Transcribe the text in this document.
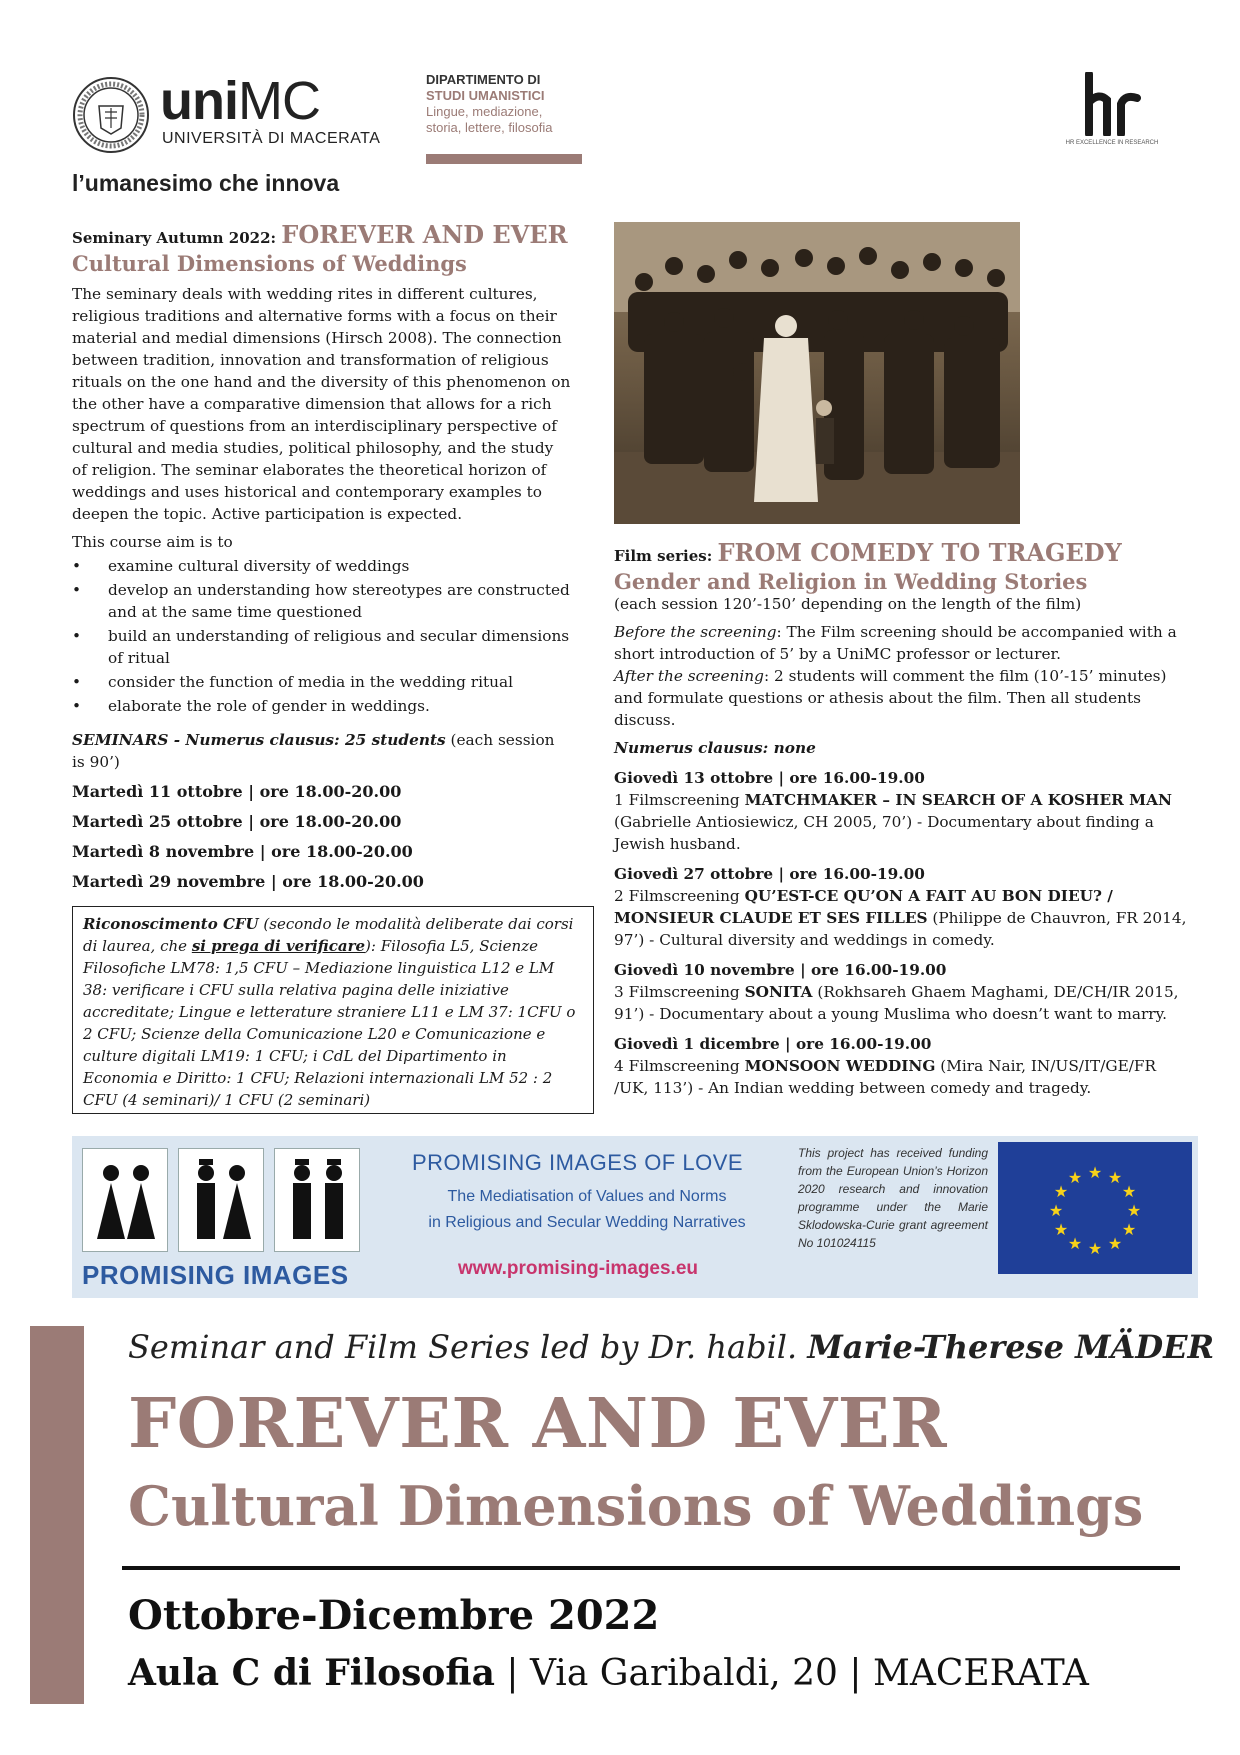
uniMC
UNIVERSITÀ DI MACERATA
l’umanesimo che innova
DIPARTIMENTO DI
STUDI UMANISTICI
Lingue, mediazione,
storia, lettere, filosofia
HR EXCELLENCE IN RESEARCH
Seminary Autumn 2022: FOREVER AND EVER
Cultural Dimensions of Weddings
The seminary deals with wedding rites in different cultures, religious traditions and alternative forms with a focus on their material and medial dimensions (Hirsch 2008). The connection between tradition, innovation and transformation of religious rituals on the one hand and the diversity of this phenomenon on the other have a comparative dimension that allows for a rich spectrum of questions from an interdisciplinary perspective of cultural and media studies, political philosophy, and the study of religion. The seminar elaborates the theoretical horizon of weddings and uses historical and contemporary examples to deepen the topic. Active participation is expected.
This course aim is to
• examine cultural diversity of weddings
• develop an understanding how stereotypes are constructed and at the same time questioned
• build an understanding of religious and secular dimensions of ritual
• consider the function of media in the wedding ritual
• elaborate the role of gender in weddings.
SEMINARS - Numerus clausus: 25 students (each session is 90’)
Martedì 11 ottobre | ore 18.00-20.00
Martedì 25 ottobre | ore 18.00-20.00
Martedì 8 novembre | ore 18.00-20.00
Martedì 29 novembre | ore 18.00-20.00
Riconoscimento CFU (secondo le modalità deliberate dai corsi di laurea, che si prega di verificare): Filosofia L5, Scienze Filosofiche LM78: 1,5 CFU – Mediazione linguistica L12 e LM 38: verificare i CFU sulla relativa pagina delle iniziative accreditate; Lingue e letterature straniere L11 e LM 37: 1CFU o 2 CFU; Scienze della Comunicazione L20 e Comunicazione e culture digitali LM19: 1 CFU; i CdL del Dipartimento in Economia e Diritto: 1 CFU; Relazioni internazionali LM 52 : 2 CFU (4 seminari)/ 1 CFU (2 seminari)
Film series: FROM COMEDY TO TRAGEDY
Gender and Religion in Wedding Stories
(each session 120’-150’ depending on the length of the film)
Before the screening: The Film screening should be accompanied with a short introduction of 5’ by a UniMC professor or lecturer.
After the screening: 2 students will comment the film (10’-15’ minutes) and formulate questions or athesis about the film. Then all students discuss.
Numerus clausus: none
Giovedì 13 ottobre | ore 16.00-19.00
1 Filmscreening MATCHMAKER – IN SEARCH OF A KOSHER MAN
(Gabrielle Antiosiewicz, CH 2005, 70’) - Documentary about finding a Jewish husband.
Giovedì 27 ottobre | ore 16.00-19.00
2 Filmscreening QU’EST-CE QU’ON A FAIT AU BON DIEU? / MONSIEUR CLAUDE ET SES FILLES (Philippe de Chauvron, FR 2014, 97’) - Cultural diversity and weddings in comedy.
Giovedì 10 novembre | ore 16.00-19.00
3 Filmscreening SONITA (Rokhsareh Ghaem Maghami, DE/CH/IR 2015, 91’) - Documentary about a young Muslima who doesn’t want to marry.
Giovedì 1 dicembre | ore 16.00-19.00
4 Filmscreening MONSOON WEDDING (Mira Nair, IN/US/IT/GE/FR /UK, 113’) - An Indian wedding between comedy and tragedy.
PROMISING IMAGES
PROMISING IMAGES OF LOVE
The Mediatisation of Values and Norms
in Religious and Secular Wedding Narratives
www.promising-images.eu
This project has received funding from the European Union’s Horizon 2020 research and innovation programme under the Marie Sklodowska-Curie grant agreement No 101024115
★ ★
★
★
★
★
★
★
★
★
★
★
Seminar and Film Series led by Dr. habil. Marie-Therese MÄDER
FOREVER AND EVER
Cultural Dimensions of Weddings
Ottobre-Dicembre 2022
Aula C di Filosofia | Via Garibaldi, 20 | MACERATA
